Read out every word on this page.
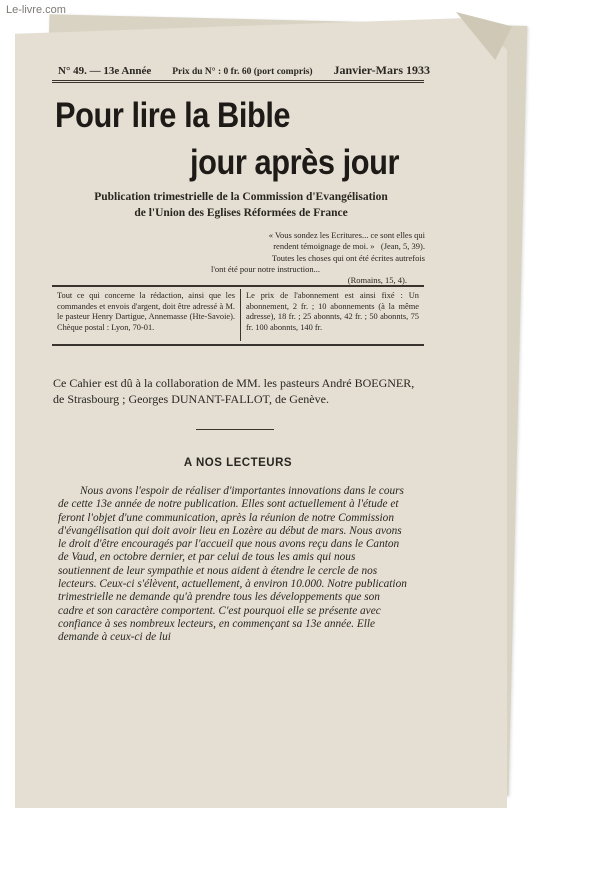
Le-livre.com
N° 49. — 13e Année Prix du N° : 0 fr. 60 (port compris) Janvier-Mars 1933
Pour lire la Bible
jour après jour
Publication trimestrielle de la Commission d'Evangélisation
de l'Union des Eglises Réformées de France
« Vous sondez les Ecritures... ce sont elles qui
rendent témoignage de moi. » (Jean, 5, 39).
Toutes les choses qui ont été écrites autrefois
l'ont été pour notre instruction...
(Romains, 15, 4).
Tout ce qui concerne la rédaction, ainsi que les commandes et envois d'argent, doit être adressé à M. le pasteur Henry Dartigue, Annemasse (Hte-Savoie). Chèque postal : Lyon, 70-01.
Le prix de l'abonnement est ainsi fixé : Un abonnement, 2 fr. ; 10 abonnements (à la même adresse), 18 fr. ; 25 abonnts, 42 fr. ; 50 abonnts, 75 fr. 100 abonnts, 140 fr.
Ce Cahier est dû à la collaboration de MM. les pasteurs André BOEGNER, de Strasbourg ; Georges DUNANT-FALLOT, de Genève.
A NOS LECTEURS

Nous avons l'espoir de réaliser d'importantes innovations dans le cours de cette 13e année de notre publication. Elles sont actuellement à l'étude et feront l'objet d'une communication, après la réunion de notre Commission d'évangélisation qui doit avoir lieu en Lozère au début de mars. Nous avons le droit d'être encouragés par l'accueil que nous avons reçu dans le Canton de Vaud, en octobre dernier, et par celui de tous les amis qui nous soutiennent de leur sympathie et nous aident à étendre le cercle de nos lecteurs. Ceux-ci s'élèvent, actuellement, à environ 10.000. Notre publication trimestrielle ne demande qu'à prendre tous les développements que son cadre et son caractère comportent. C'est pourquoi elle se présente avec confiance à ses nombreux lecteurs, en commençant sa 13e année. Elle demande à ceux-ci de lui
